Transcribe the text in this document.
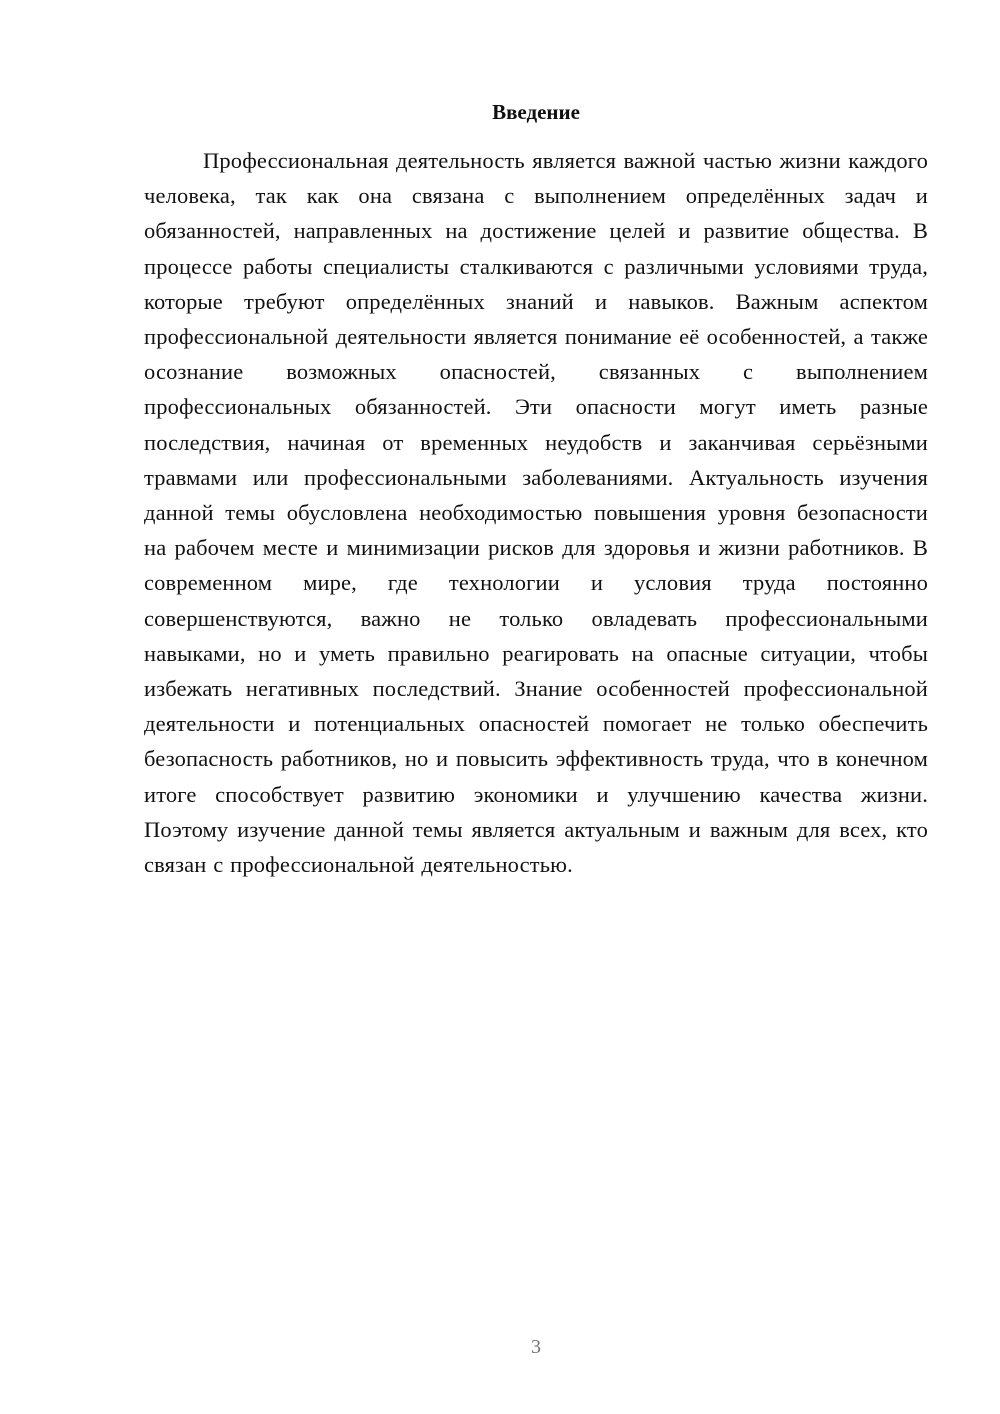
Введение

Профессиональная деятельность является важной частью жизни каждого человека, так как она связана с выполнением определённых задач и обязанностей, направленных на достижение целей и развитие общества. В процессе работы специалисты сталкиваются с различными условиями труда, которые требуют определённых знаний и навыков. Важным аспектом профессиональной деятельности является понимание её особенностей, а также осознание возможных опасностей, связанных с выполнением профессиональных обязанностей. Эти опасности могут иметь разные последствия, начиная от временных неудобств и заканчивая серьёзными травмами или профессиональными заболеваниями. Актуальность изучения данной темы обусловлена необходимостью повышения уровня безопасности на рабочем месте и минимизации рисков для здоровья и жизни работников. В современном мире, где технологии и условия труда постоянно совершенствуются, важно не только овладевать профессиональными навыками, но и уметь правильно реагировать на опасные ситуации, чтобы избежать негативных последствий. Знание особенностей профессиональной деятельности и потенциальных опасностей помогает не только обеспечить безопасность работников, но и повысить эффективность труда, что в конечном итоге способствует развитию экономики и улучшению качества жизни. Поэтому изучение данной темы является актуальным и важным для всех, кто связан с профессиональной деятельностью.

3
